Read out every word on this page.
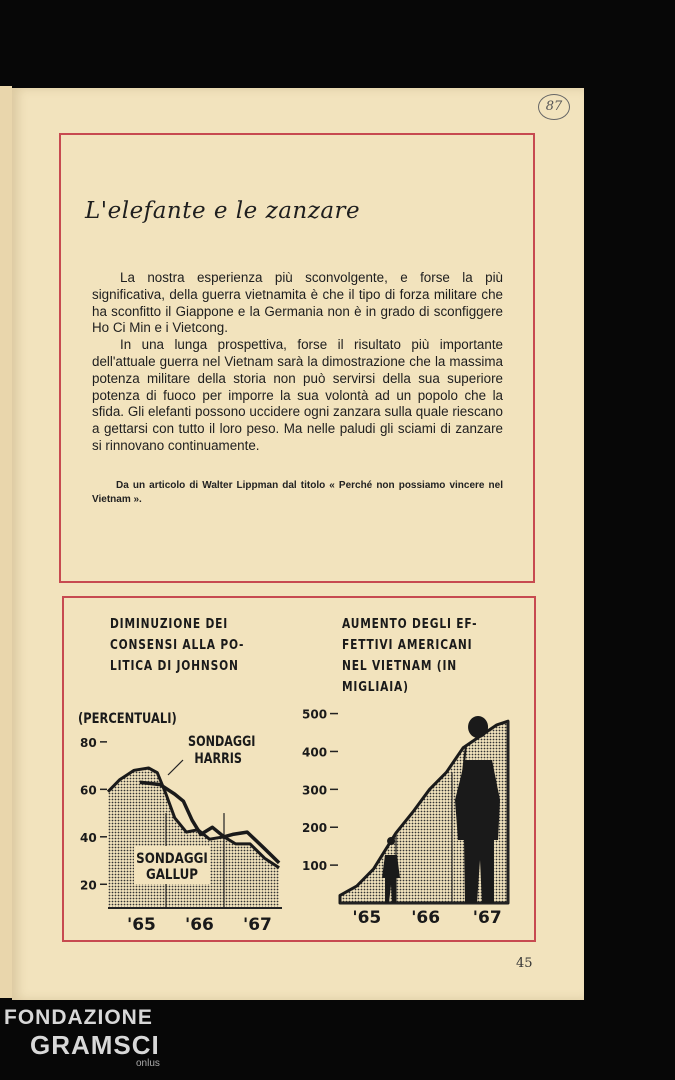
87
L'elefante e le zanzare

La nostra esperienza più sconvolgente, e forse la più significativa, della guerra vietnamita è che il tipo di forza militare che ha sconfitto il Giappone e la Germania non è in grado di sconfiggere Ho Ci Min e i Vietcong.

In una lunga prospettiva, forse il risultato più importante dell'attuale guerra nel Vietnam sarà la dimostrazione che la massima potenza militare della storia non può servirsi della sua superiore potenza di fuoco per imporre la sua volontà ad un popolo che la sfida. Gli elefanti possono uccidere ogni zanzara sulla quale riescano a gettarsi con tutto il loro peso. Ma nelle paludi gli sciami di zanzare si rinnovano continuamente.

Da un articolo di Walter Lippman dal titolo « Perché non possiamo vincere nel Vietnam ».
DIMINUZIONE DEI
CONSENSI ALLA PO-
LITICA DI JOHNSON
(PERCENTUALI)
SONDAGGI
HARRIS
AUMENTO DEGLI EF-
FETTIVI AMERICANI
NEL VIETNAM (IN
MIGLIAIA)
80
60
40
20
'65 '66 '67
SONDAGGI
GALLUP
500
400
300
200
100
'65 '66 '67
45
FONDAZIONE
GRAMSCI
onlus
